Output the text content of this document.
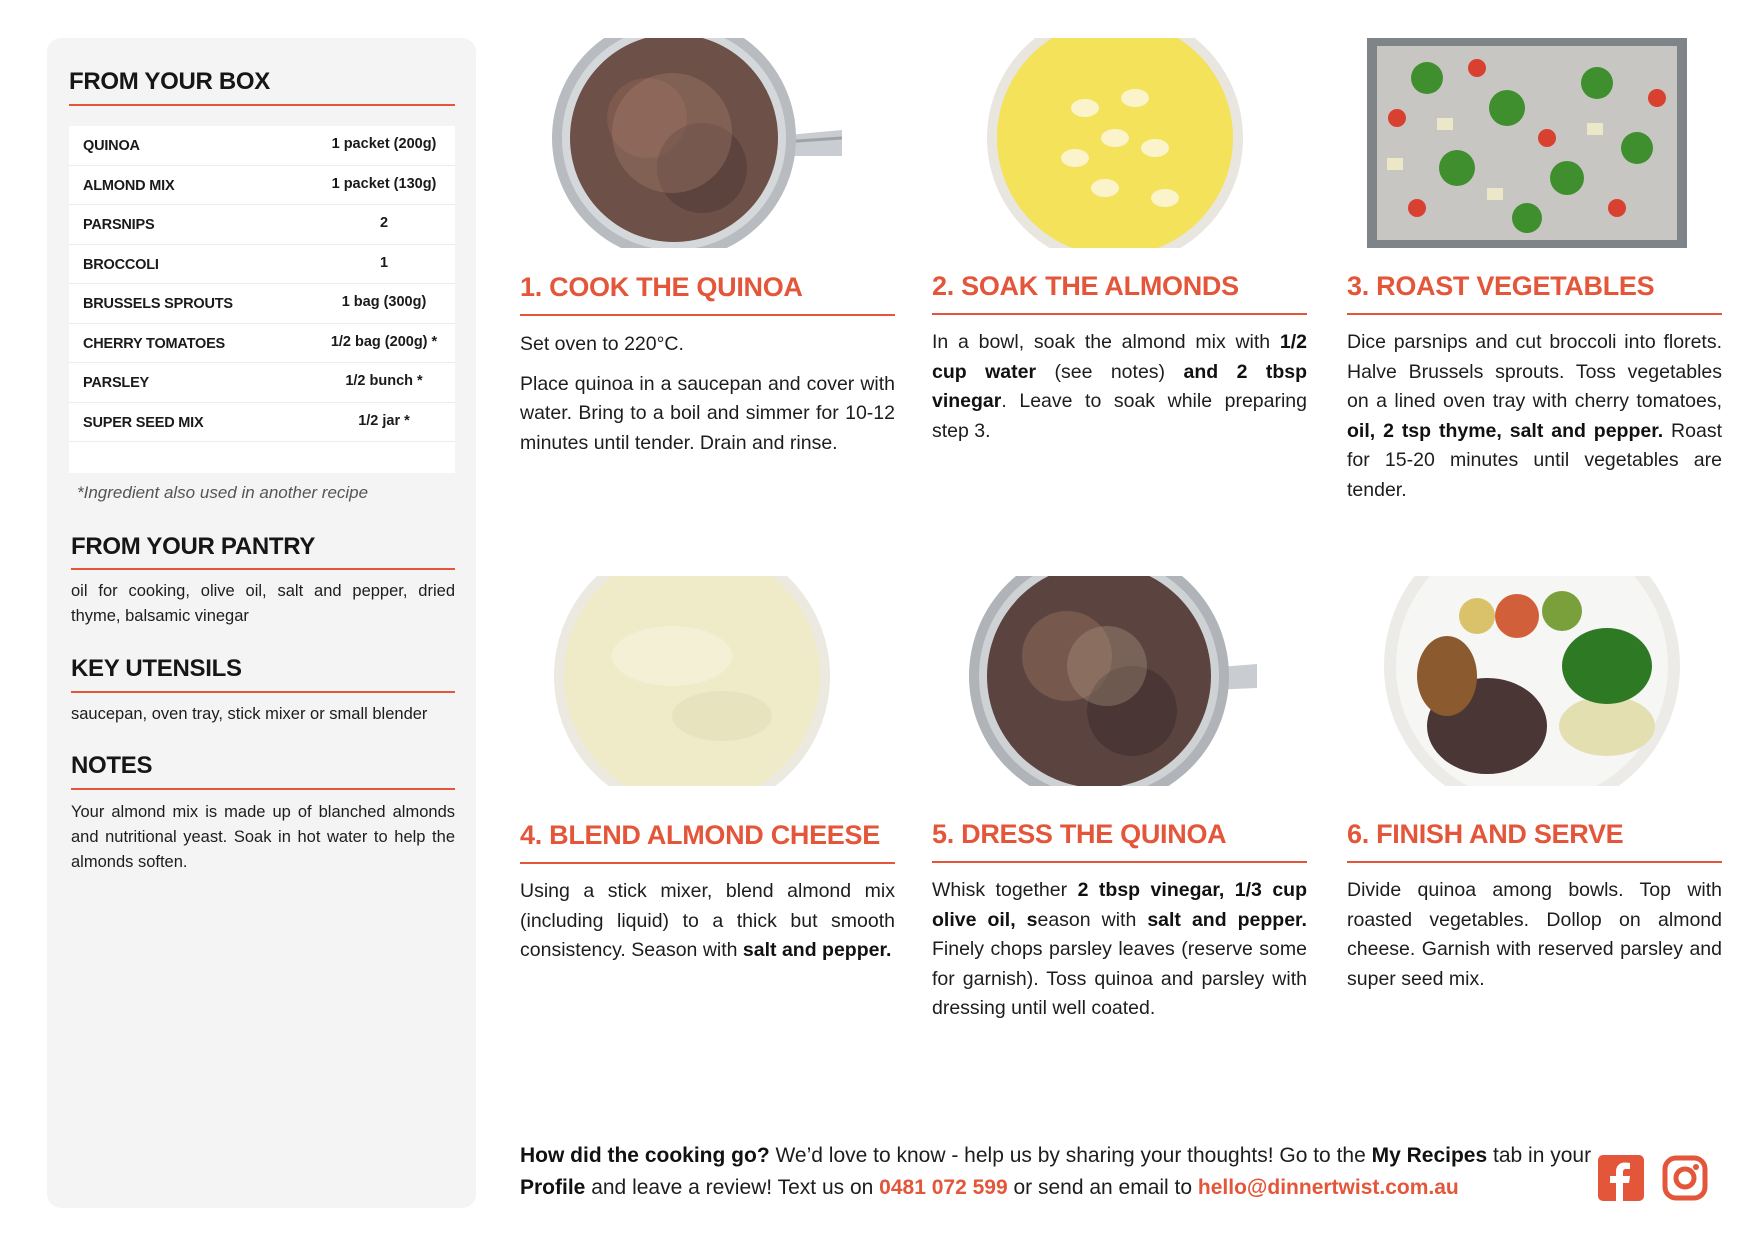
FROM YOUR BOX
QUINOA	1 packet (200g)
ALMOND MIX	1 packet (130g)
PARSNIPS	2
BROCCOLI	1
BRUSSELS SPROUTS	1 bag (300g)
CHERRY TOMATOES	1/2 bag (200g) *
PARSLEY	1/2 bunch *
SUPER SEED MIX	1/2 jar *
*Ingredient also used in another recipe
FROM YOUR PANTRY

oil for cooking, olive oil, salt and pepper, dried thyme, balsamic vinegar

KEY UTENSILS

saucepan, oven tray, stick mixer or small blender

NOTES

Your almond mix is made up of blanched almonds and nutritional yeast. Soak in hot water to help the almonds soften.

1. COOK THE QUINOA

Set oven to 220°C.

Place quinoa in a saucepan and cover with water. Bring to a boil and simmer for 10-12 minutes until tender. Drain and rinse.

2. SOAK THE ALMONDS

In a bowl, soak the almond mix with 1/2 cup water (see notes) and 2 tbsp vinegar. Leave to soak while preparing step 3.

3. ROAST VEGETABLES

Dice parsnips and cut broccoli into florets. Halve Brussels sprouts. Toss vegetables on a lined oven tray with cherry tomatoes, oil, 2 tsp thyme, salt and pepper. Roast for 15-20 minutes until vegetables are tender.

4. BLEND ALMOND CHEESE

Using a stick mixer, blend almond mix (including liquid) to a thick but smooth consistency. Season with salt and pepper.

5. DRESS THE QUINOA

Whisk together 2 tbsp vinegar, 1/3 cup olive oil, season with salt and pepper. Finely chops parsley leaves (reserve some for garnish). Toss quinoa and parsley with dressing until well coated.

6. FINISH AND SERVE

Divide quinoa among bowls. Top with roasted vegetables. Dollop on almond cheese. Garnish with reserved parsley and super seed mix.

How did the cooking go? We’d love to know - help us by sharing your thoughts! Go to the My Recipes tab in your Profile and leave a review! Text us on 0481 072 599 or send an email to hello@dinnertwist.com.au
